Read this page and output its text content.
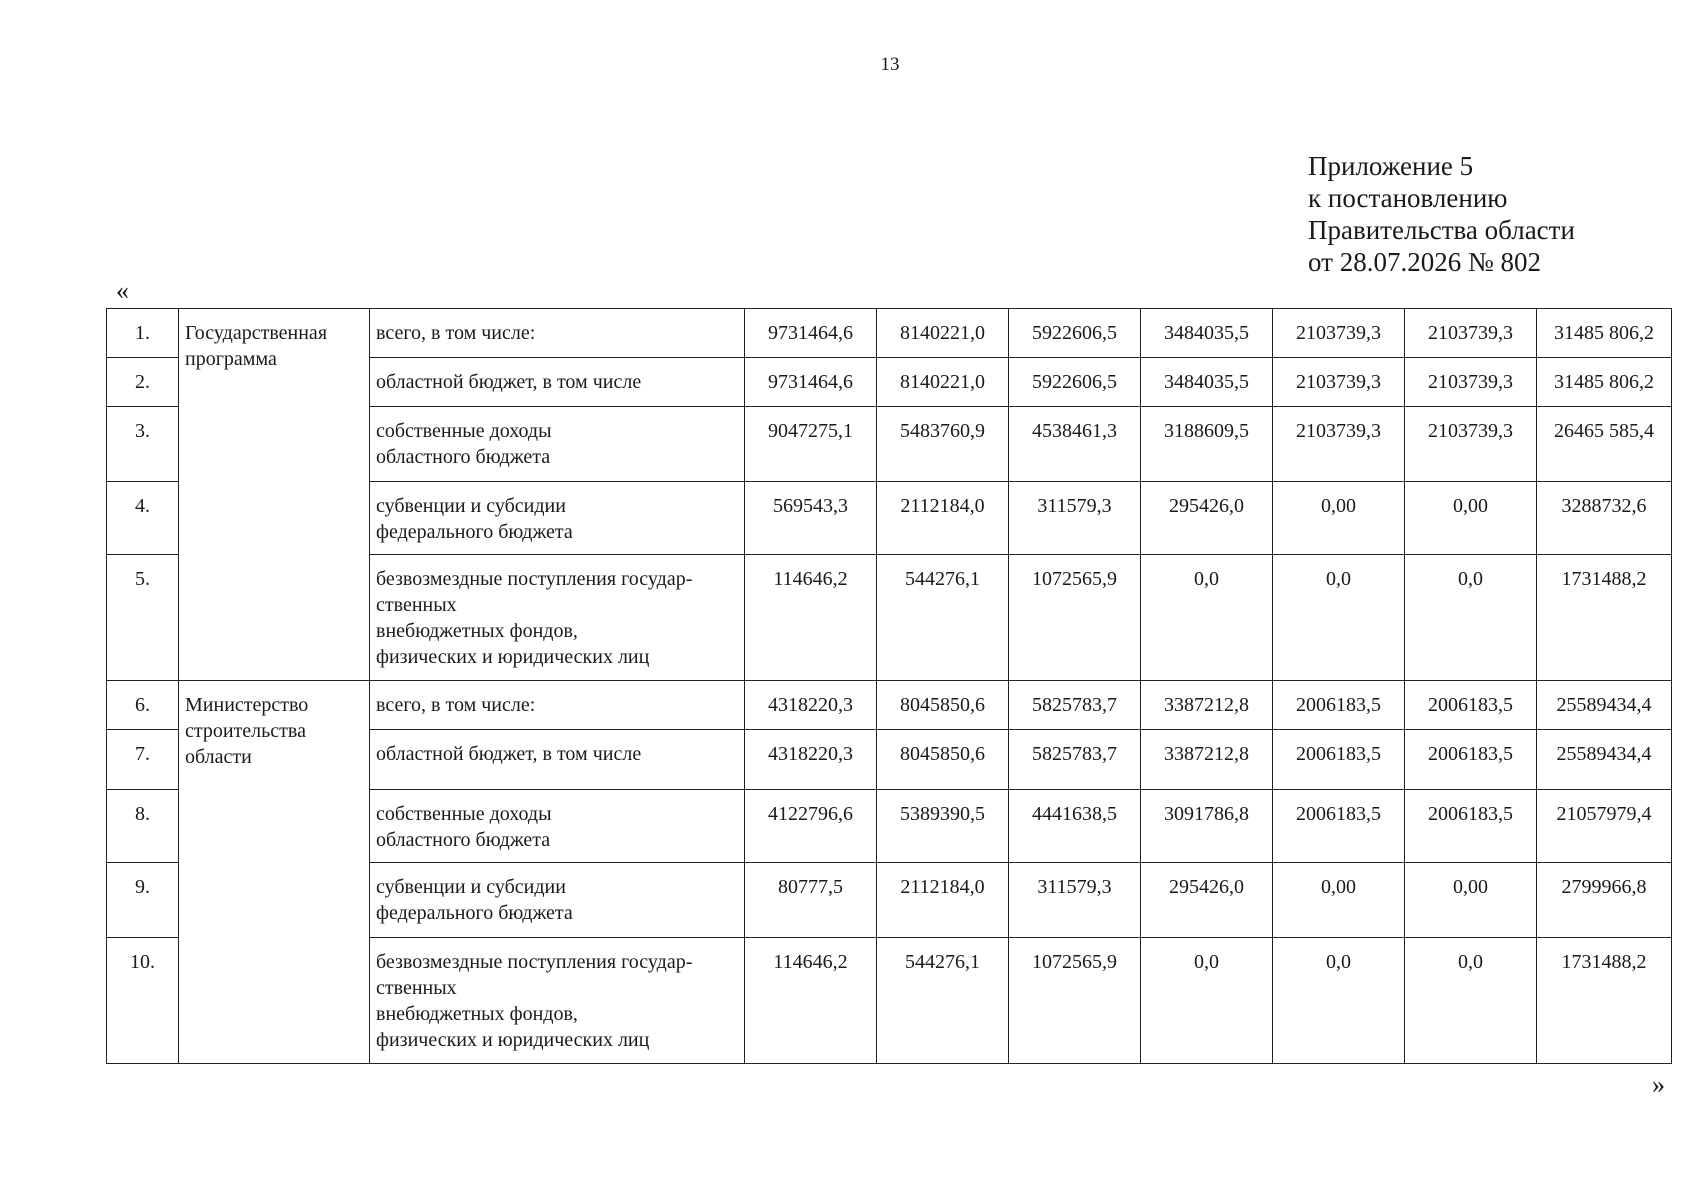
13
Приложение 5
к постановлению
Правительства области
от 28.07.2026 № 802
«
1.	Государственная программа	всего, в том числе:	9731464,6	8140221,0	5922606,5	3484035,5	2103739,3	2103739,3	31485 806,2
2.		областной бюджет, в том числе	9731464,6	8140221,0	5922606,5	3484035,5	2103739,3	2103739,3	31485 806,2
3.		собственные доходы
областного бюджета	9047275,1	5483760,9	4538461,3	3188609,5	2103739,3	2103739,3	26465 585,4
4.		субвенции и субсидии
федерального бюджета	569543,3	2112184,0	311579,3	295426,0	0,00	0,00	3288732,6
5.		безвозмездные поступления государ-
ственных
внебюджетных фондов,
физических и юридических лиц	114646,2	544276,1	1072565,9	0,0	0,0	0,0	1731488,2
6.	Министерство строительства области	всего, в том числе:	4318220,3	8045850,6	5825783,7	3387212,8	2006183,5	2006183,5	25589434,4
7.		областной бюджет, в том числе	4318220,3	8045850,6	5825783,7	3387212,8	2006183,5	2006183,5	25589434,4
8.		собственные доходы
областного бюджета	4122796,6	5389390,5	4441638,5	3091786,8	2006183,5	2006183,5	21057979,4
9.		субвенции и субсидии
федерального бюджета	80777,5	2112184,0	311579,3	295426,0	0,00	0,00	2799966,8
10.		безвозмездные поступления государ-
ственных
внебюджетных фондов,
физических и юридических лиц	114646,2	544276,1	1072565,9	0,0	0,0	0,0	1731488,2
»
